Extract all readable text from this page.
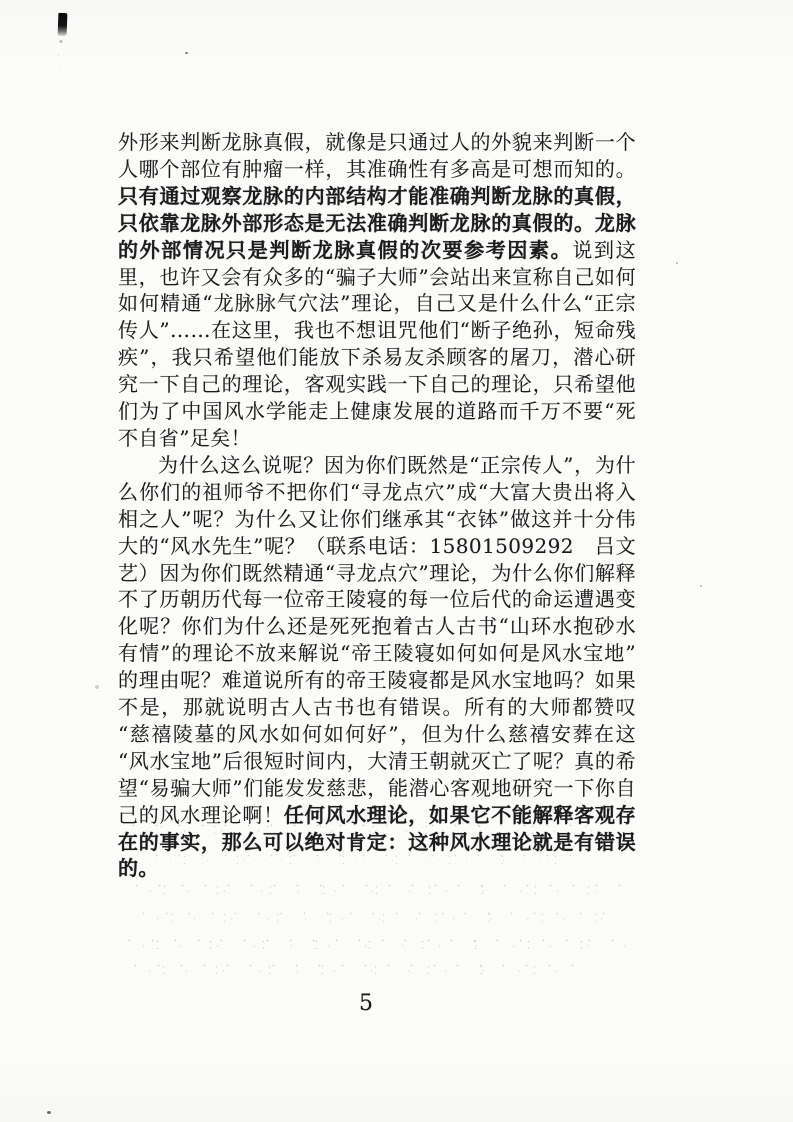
外形来判断龙脉真假，就像是只通过人的外貌来判断一个人哪个部位有肿瘤一样，其准确性有多高是可想而知的。只有通过观察龙脉的内部结构才能准确判断龙脉的真假，只依靠龙脉外部形态是无法准确判断龙脉的真假的。龙脉的外部情况只是判断龙脉真假的次要参考因素。说到这里，也许又会有众多的“骗子大师”会站出来宣称自己如何如何精通“龙脉脉气穴法”理论，自己又是什么什么“正宗传人”……在这里，我也不想诅咒他们“断子绝孙，短命残疾”，我只希望他们能放下杀易友杀顾客的屠刀，潜心研究一下自己的理论，客观实践一下自己的理论，只希望他们为了中国风水学能走上健康发展的道路而千万不要“死不自省”足矣！
为什么这么说呢？因为你们既然是“正宗传人”，为什么你们的祖师爷不把你们“寻龙点穴”成“大富大贵出将入相之人”呢？为什么又让你们继承其“衣钵”做这并十分伟大的“风水先生”呢？（联系电话：15801509292　吕文艺）因为你们既然精通“寻龙点穴”理论，为什么你们解释不了历朝历代每一位帝王陵寝的每一位后代的命运遭遇变化呢？你们为什么还是死死抱着古人古书“山环水抱砂水有情”的理论不放来解说“帝王陵寝如何如何是风水宝地”的理由呢？难道说所有的帝王陵寝都是风水宝地吗？如果不是，那就说明古人古书也有错误。所有的大师都赞叹“慈禧陵墓的风水如何如何好”，但为什么慈禧安葬在这“风水宝地”后很短时间内，大清王朝就灭亡了呢？真的希望“易骗大师”们能发发慈悲，能潜心客观地研究一下你自己的风水理论啊！任何风水理论，如果它不能解释客观存在的事实，那么可以绝对肯定：这种风水理论就是有错误的。
5
